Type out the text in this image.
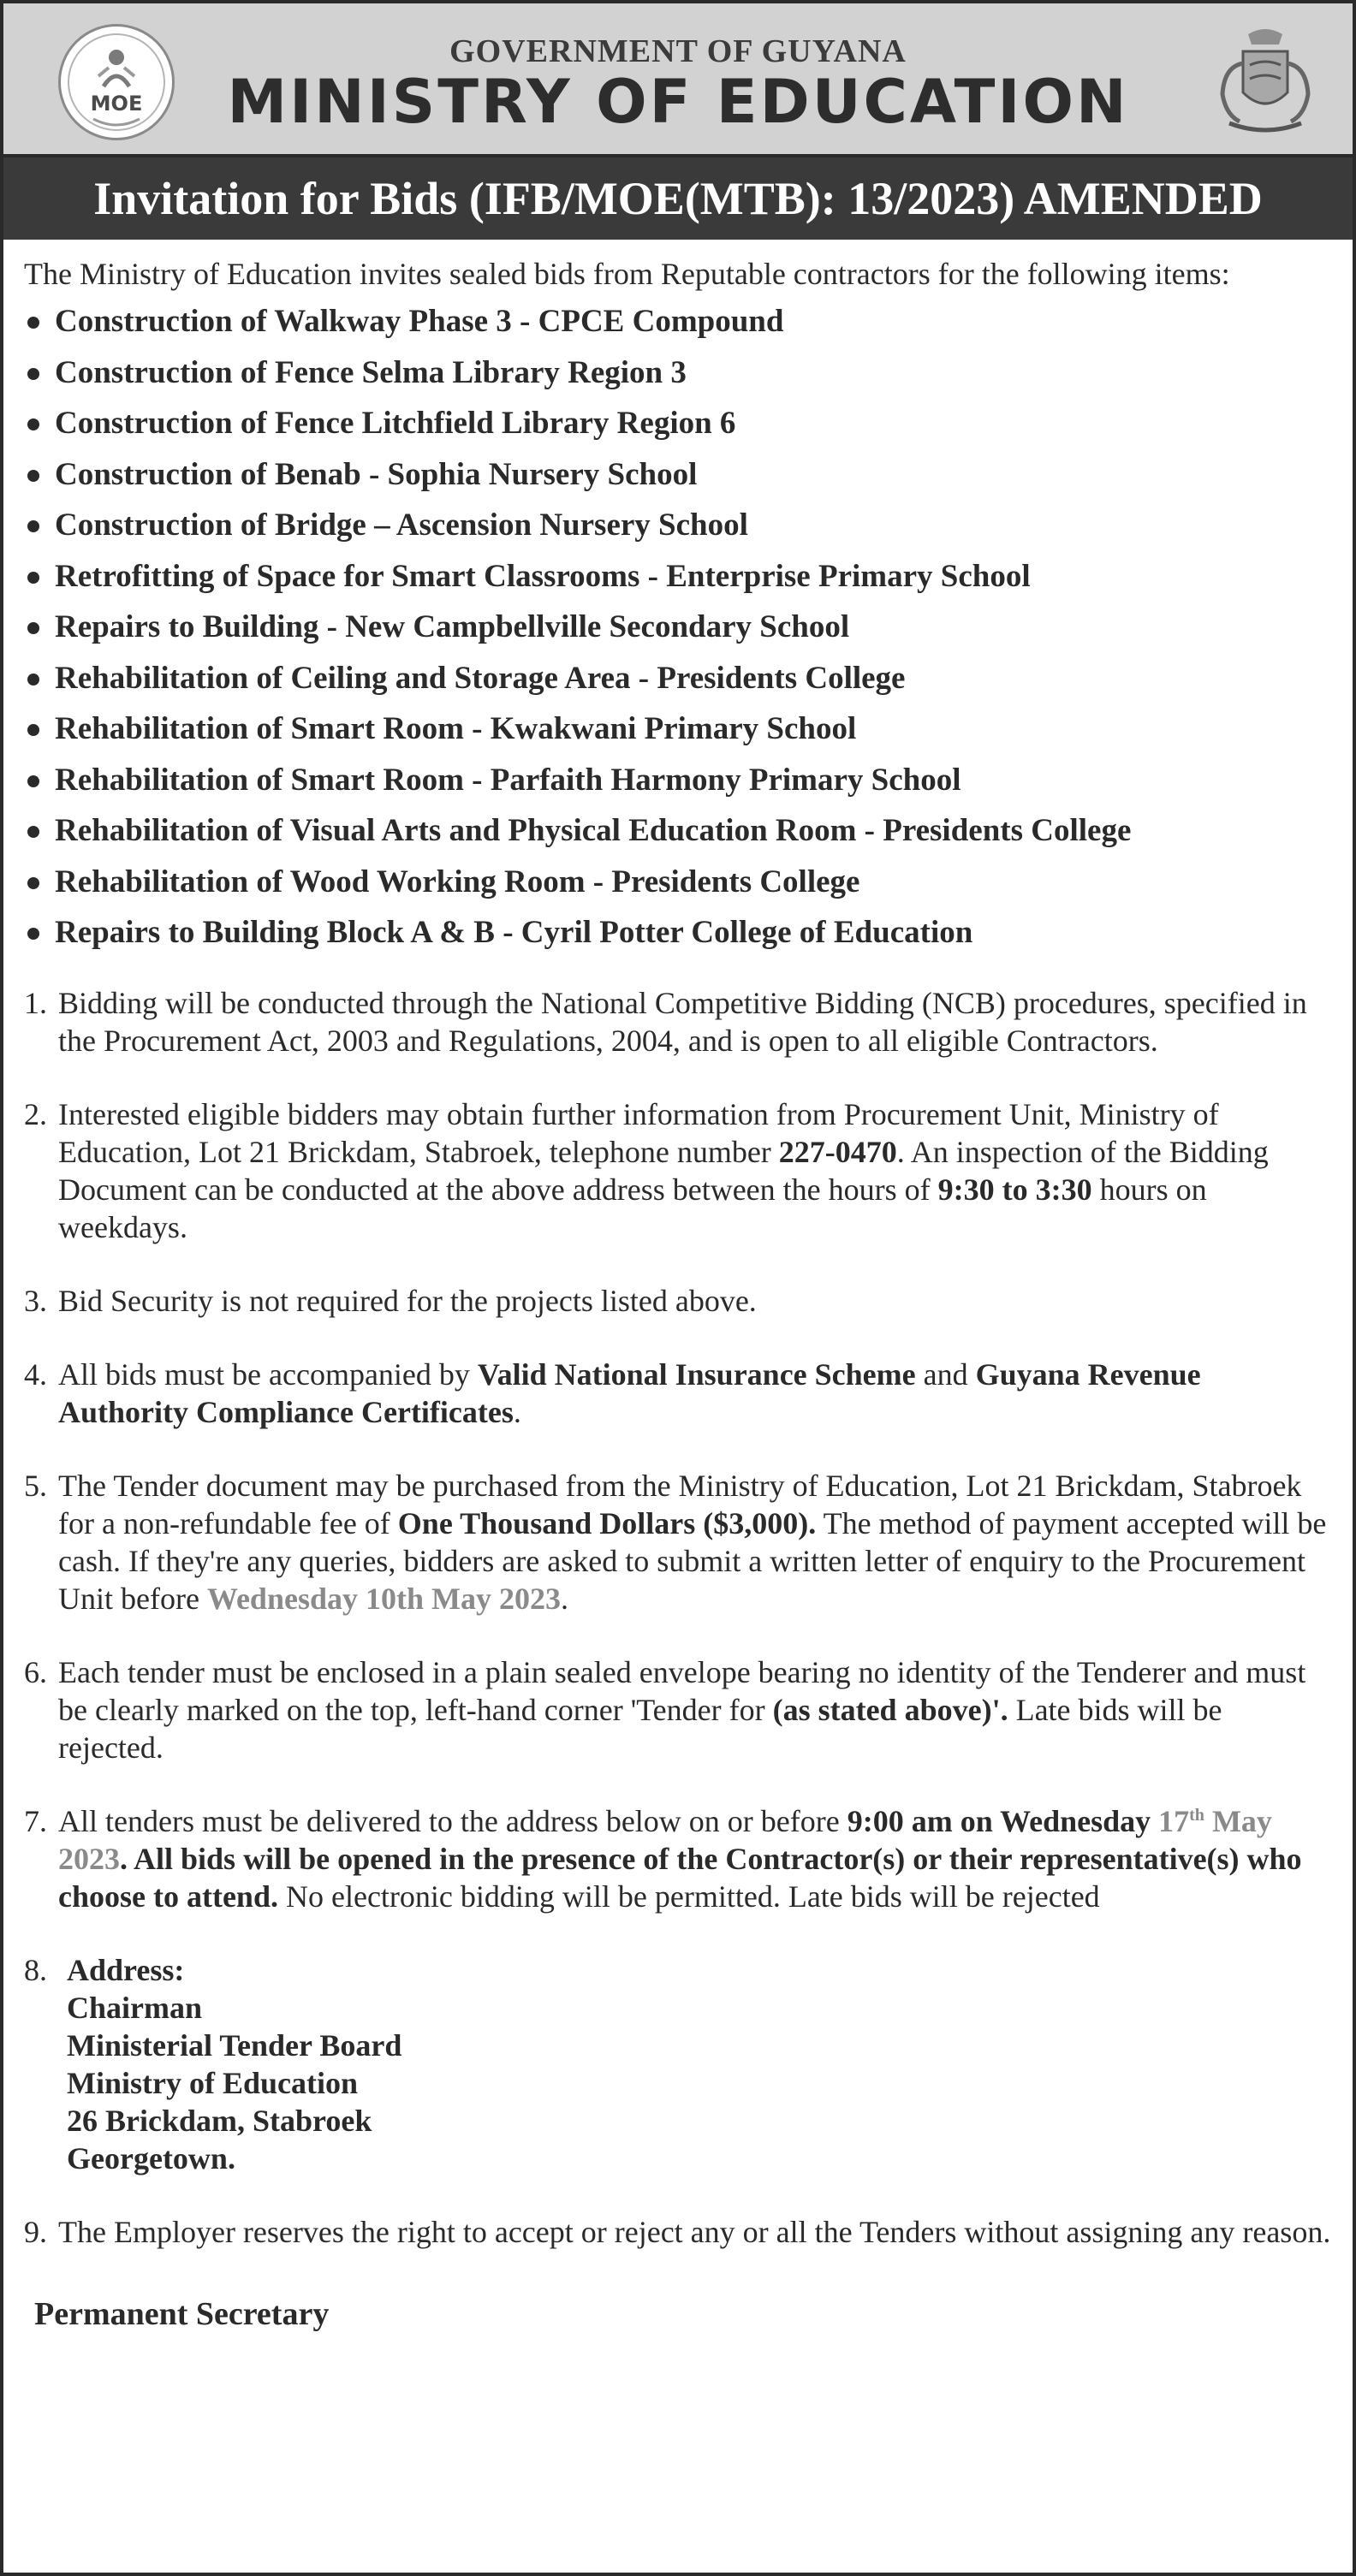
MOE
GOVERNMENT OF GUYANA
MINISTRY OF EDUCATION
Invitation for Bids (IFB/MOE(MTB): 13/2023) AMENDED
The Ministry of Education invites sealed bids from Reputable contractors for the following items:
Construction of Walkway Phase 3 - CPCE Compound
Construction of Fence Selma Library Region 3
Construction of Fence Litchfield Library Region 6
Construction of Benab - Sophia Nursery School
Construction of Bridge – Ascension Nursery School
Retrofitting of Space for Smart Classrooms - Enterprise Primary School
Repairs to Building - New Campbellville Secondary School
Rehabilitation of Ceiling and Storage Area - Presidents College
Rehabilitation of Smart Room - Kwakwani Primary School
Rehabilitation of Smart Room - Parfaith Harmony Primary School
Rehabilitation of Visual Arts and Physical Education Room - Presidents College
Rehabilitation of Wood Working Room - Presidents College
Repairs to Building Block A & B - Cyril Potter College of Education
1. Bidding will be conducted through the National Competitive Bidding (NCB) procedures, specified in the Procurement Act, 2003 and Regulations, 2004, and is open to all eligible Contractors.
2. Interested eligible bidders may obtain further information from Procurement Unit, Ministry of Education, Lot 21 Brickdam, Stabroek, telephone number 227-0470. An inspection of the Bidding Document can be conducted at the above address between the hours of 9:30 to 3:30 hours on weekdays.
3. Bid Security is not required for the projects listed above.
4. All bids must be accompanied by Valid National Insurance Scheme and Guyana Revenue Authority Compliance Certificates.
5. The Tender document may be purchased from the Ministry of Education, Lot 21 Brickdam, Stabroek for a non-refundable fee of One Thousand Dollars ($3,000). The method of payment accepted will be cash. If they're any queries, bidders are asked to submit a written letter of enquiry to the Procurement Unit before Wednesday 10th May 2023.
6. Each tender must be enclosed in a plain sealed envelope bearing no identity of the Tenderer and must be clearly marked on the top, left-hand corner 'Tender for (as stated above)'. Late bids will be rejected.
7. All tenders must be delivered to the address below on or before 9:00 am on Wednesday 17th May 2023. All bids will be opened in the presence of the Contractor(s) or their representative(s) who choose to attend. No electronic bidding will be permitted. Late bids will be rejected
8. Address:
Chairman
Ministerial Tender Board
Ministry of Education
26 Brickdam, Stabroek
Georgetown.
9. The Employer reserves the right to accept or reject any or all the Tenders without assigning any reason.
Permanent Secretary
